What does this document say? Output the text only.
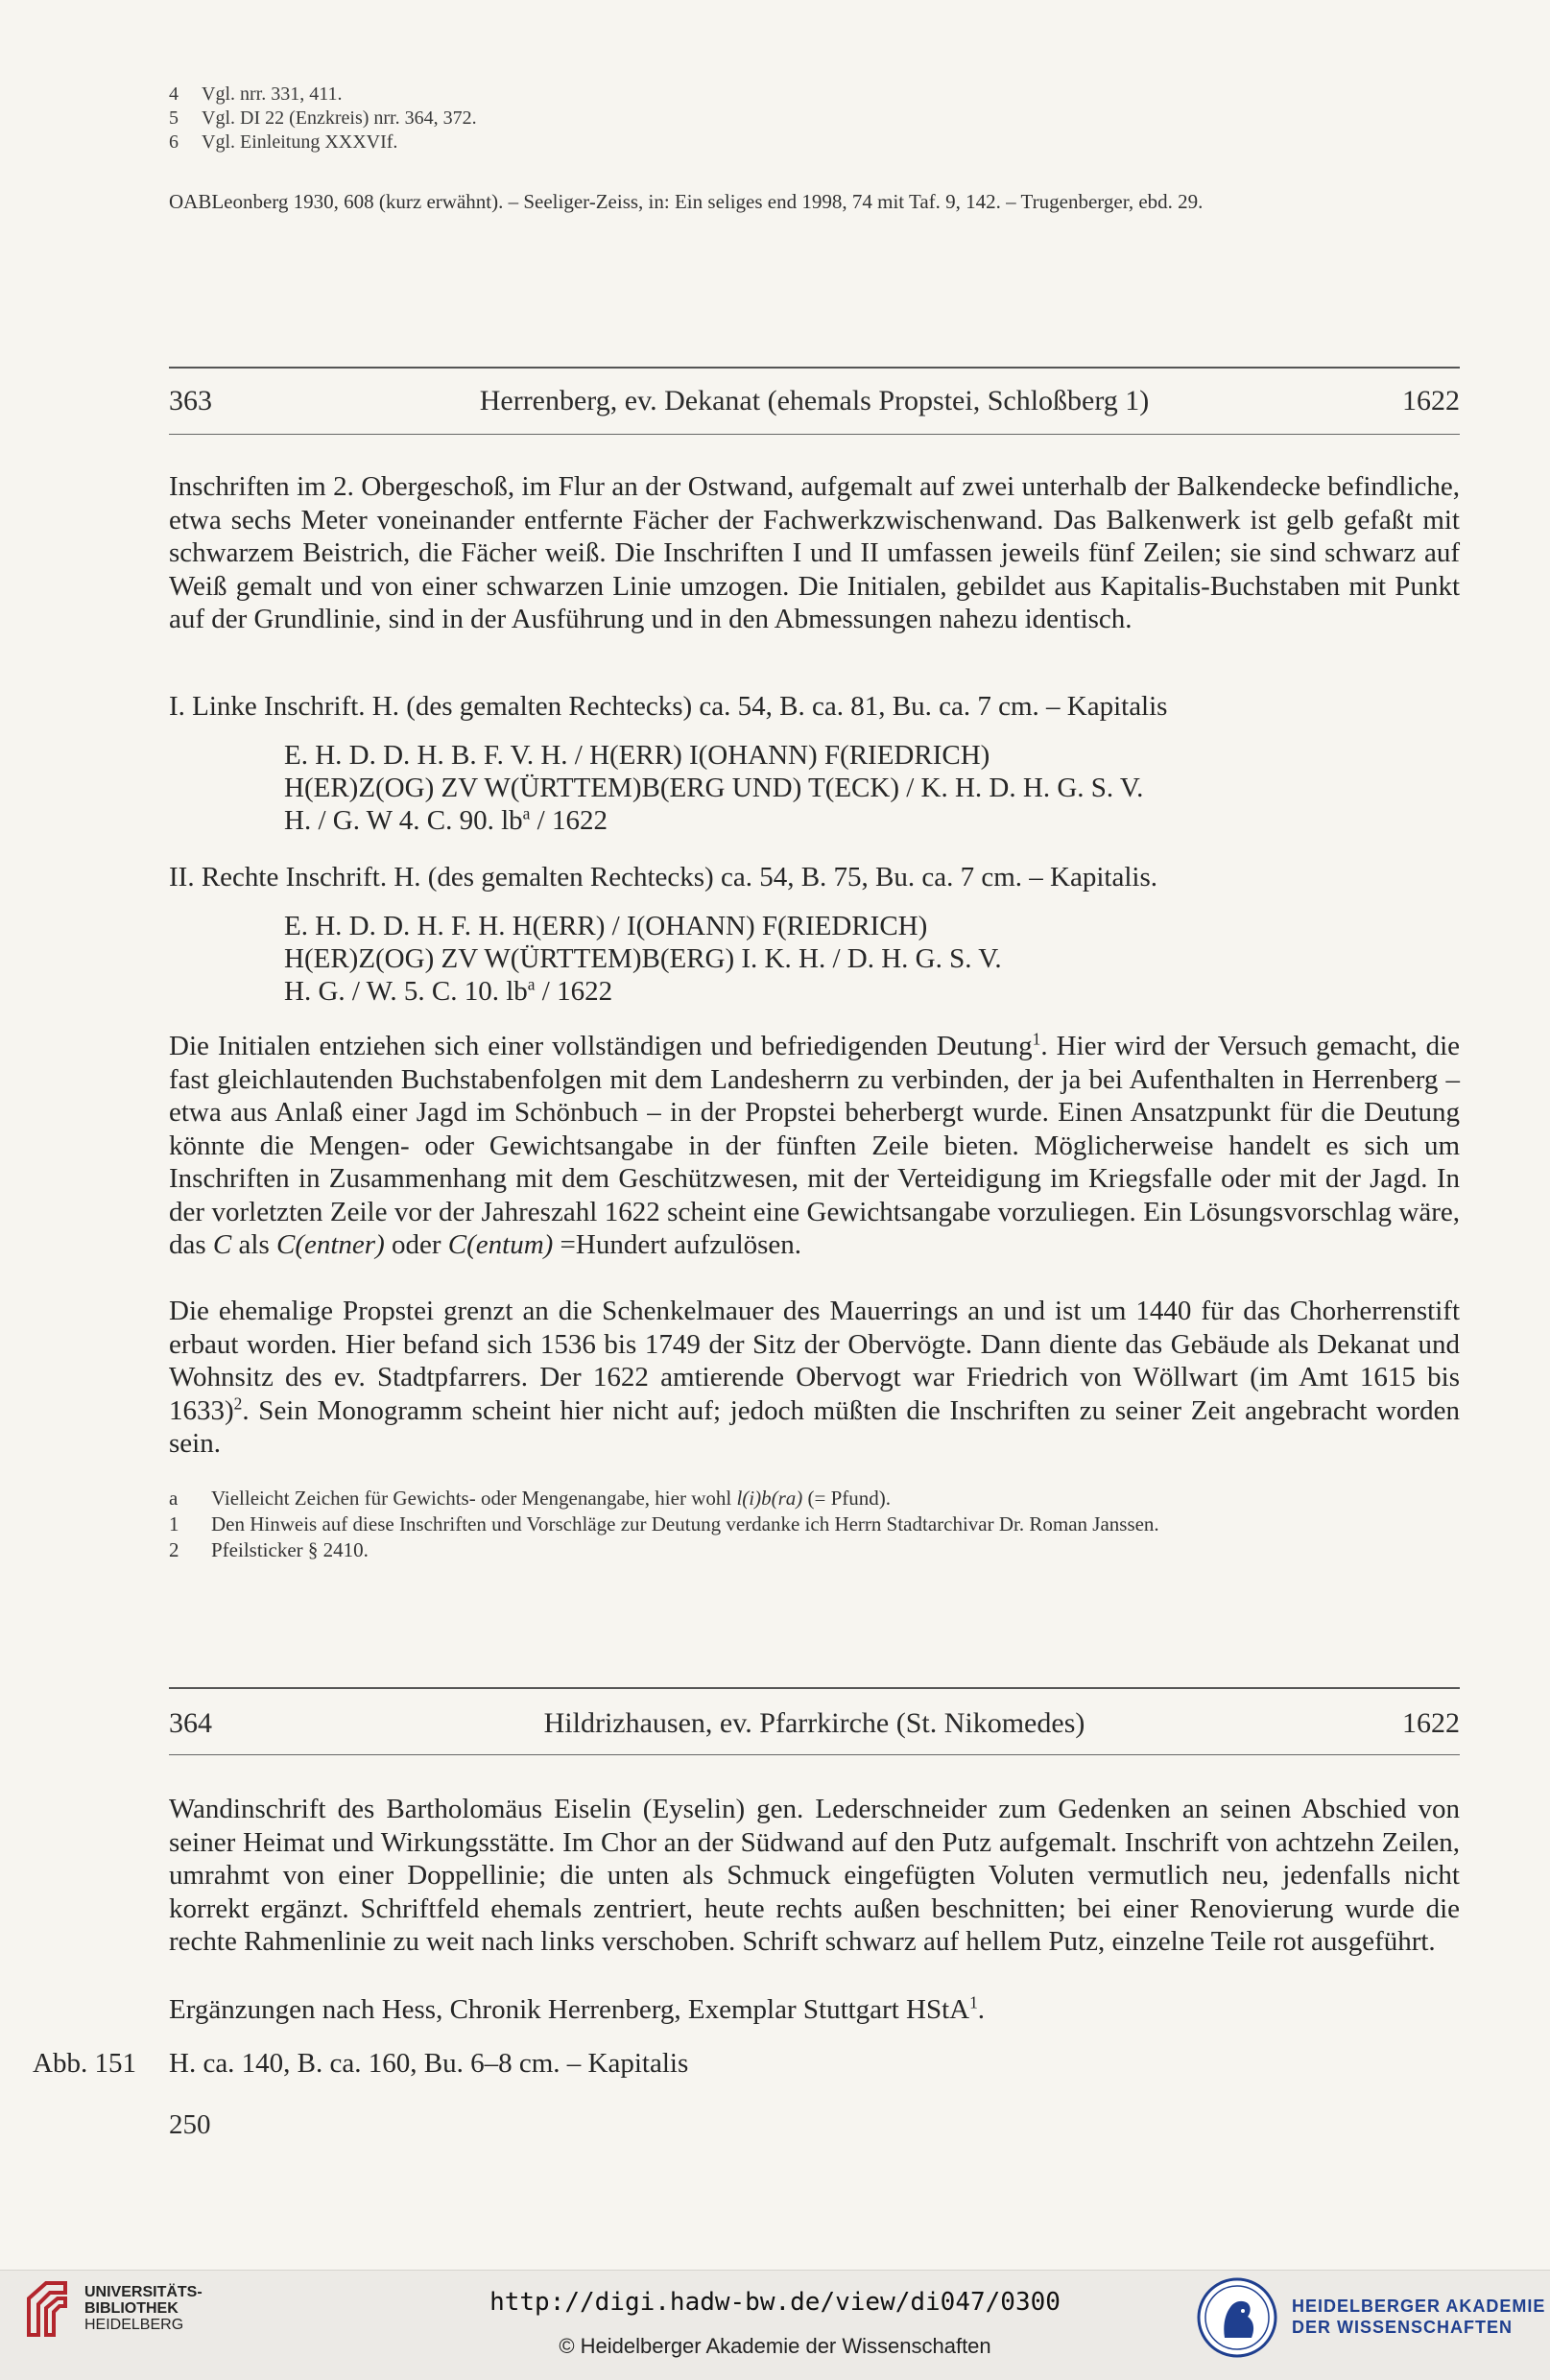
4 Vgl. nrr. 331, 411.
5 Vgl. DI 22 (Enzkreis) nrr. 364, 372.
6 Vgl. Einleitung XXXVIf.
OABLeonberg 1930, 608 (kurz erwähnt). – Seeliger-Zeiss, in: Ein seliges end 1998, 74 mit Taf. 9, 142. – Trugenberger, ebd. 29.
363	Herrenberg, ev. Dekanat (ehemals Propstei, Schloßberg 1)	1622
Inschriften im 2. Obergeschoß, im Flur an der Ostwand, aufgemalt auf zwei unterhalb der Balkendecke befindliche, etwa sechs Meter voneinander entfernte Fächer der Fachwerkzwischenwand. Das Balkenwerk ist gelb gefaßt mit schwarzem Beistrich, die Fächer weiß. Die Inschriften I und II umfassen jeweils fünf Zeilen; sie sind schwarz auf Weiß gemalt und von einer schwarzen Linie umzogen. Die Initialen, gebildet aus Kapitalis-Buchstaben mit Punkt auf der Grundlinie, sind in der Ausführung und in den Abmessungen nahezu identisch.
I. Linke Inschrift. H. (des gemalten Rechtecks) ca. 54, B. ca. 81, Bu. ca. 7 cm. – Kapitalis
E. H. D. D. H. B. F. V. H. / H(ERR) I(OHANN) F(RIEDRICH)
H(ER)Z(OG) ZV W(ÜRTTEM)B(ERG UND) T(ECK) / K. H. D. H. G. S. V.
H. / G. W 4. C. 90. $lb^a / 1622$
II. Rechte Inschrift. H. (des gemalten Rechtecks) ca. 54, B. 75, Bu. ca. 7 cm. – Kapitalis.
E. H. D. D. H. F. H. H(ERR) / I(OHANN) F(RIEDRICH)
H(ER)Z(OG) ZV W(ÜRTTEM)B(ERG) I. K. H. / D. H. G. S. V.
H. G. / W. 5. C. 10. $lb^a / 1622$
Die Initialen entziehen sich einer vollständigen und befriedigenden Deutung$^1$. Hier wird der Versuch gemacht, die fast gleichlautenden Buchstabenfolgen mit dem Landesherrn zu verbinden, der ja bei Aufenthalten in Herrenberg – etwa aus Anlaß einer Jagd im Schönbuch – in der Propstei beherbergt wurde. Einen Ansatzpunkt für die Deutung könnte die Mengen- oder Gewichtsangabe in der fünften Zeile bieten. Möglicherweise handelt es sich um Inschriften in Zusammenhang mit dem Geschützwesen, mit der Verteidigung im Kriegsfalle oder mit der Jagd. In der vorletzten Zeile vor der Jahreszahl 1622 scheint eine Gewichtsangabe vorzuliegen. Ein Lösungsvorschlag wäre, das C als C(entner) oder C(entum) =Hundert aufzulösen.
Die ehemalige Propstei grenzt an die Schenkelmauer des Mauerrings an und ist um 1440 für das Chorherrenstift erbaut worden. Hier befand sich 1536 bis 1749 der Sitz der Obervögte. Dann diente das Gebäude als Dekanat und Wohnsitz des ev. Stadtpfarrers. Der 1622 amtierende Obervogt war Friedrich von Wöllwart (im Amt 1615 bis 1633)$^2$. Sein Monogramm scheint hier nicht auf; jedoch müßten die Inschriften zu seiner Zeit angebracht worden sein.
a Vielleicht Zeichen für Gewichts- oder Mengenangabe, hier wohl l(i)b(ra) (= Pfund).
1 Den Hinweis auf diese Inschriften und Vorschläge zur Deutung verdanke ich Herrn Stadtarchivar Dr. Roman Janssen.
2 Pfeilsticker § 2410.
364	Hildrizhausen, ev. Pfarrkirche (St. Nikomedes)	1622
Wandinschrift des Bartholomäus Eiselin (Eyselin) gen. Lederschneider zum Gedenken an seinen Abschied von seiner Heimat und Wirkungsstätte. Im Chor an der Südwand auf den Putz aufgemalt. Inschrift von achtzehn Zeilen, umrahmt von einer Doppellinie; die unten als Schmuck eingefügten Voluten vermutlich neu, jedenfalls nicht korrekt ergänzt. Schriftfeld ehemals zentriert, heute rechts außen beschnitten; bei einer Renovierung wurde die rechte Rahmenlinie zu weit nach links verschoben. Schrift schwarz auf hellem Putz, einzelne Teile rot ausgeführt.
Ergänzungen nach Hess, Chronik Herrenberg, Exemplar Stuttgart HStA$^1$.
Abb. 151 H. ca. 140, B. ca. 160, Bu. 6–8 cm. – Kapitalis
250
UNIVERSITÄTS-
BIBLIOTHEK
HEIDELBERG
http://digi.hadw-bw.de/view/di047/0300
© Heidelberger Akademie der Wissenschaften
HEIDELBERGER AKADEMIE
DER WISSENSCHAFTEN
